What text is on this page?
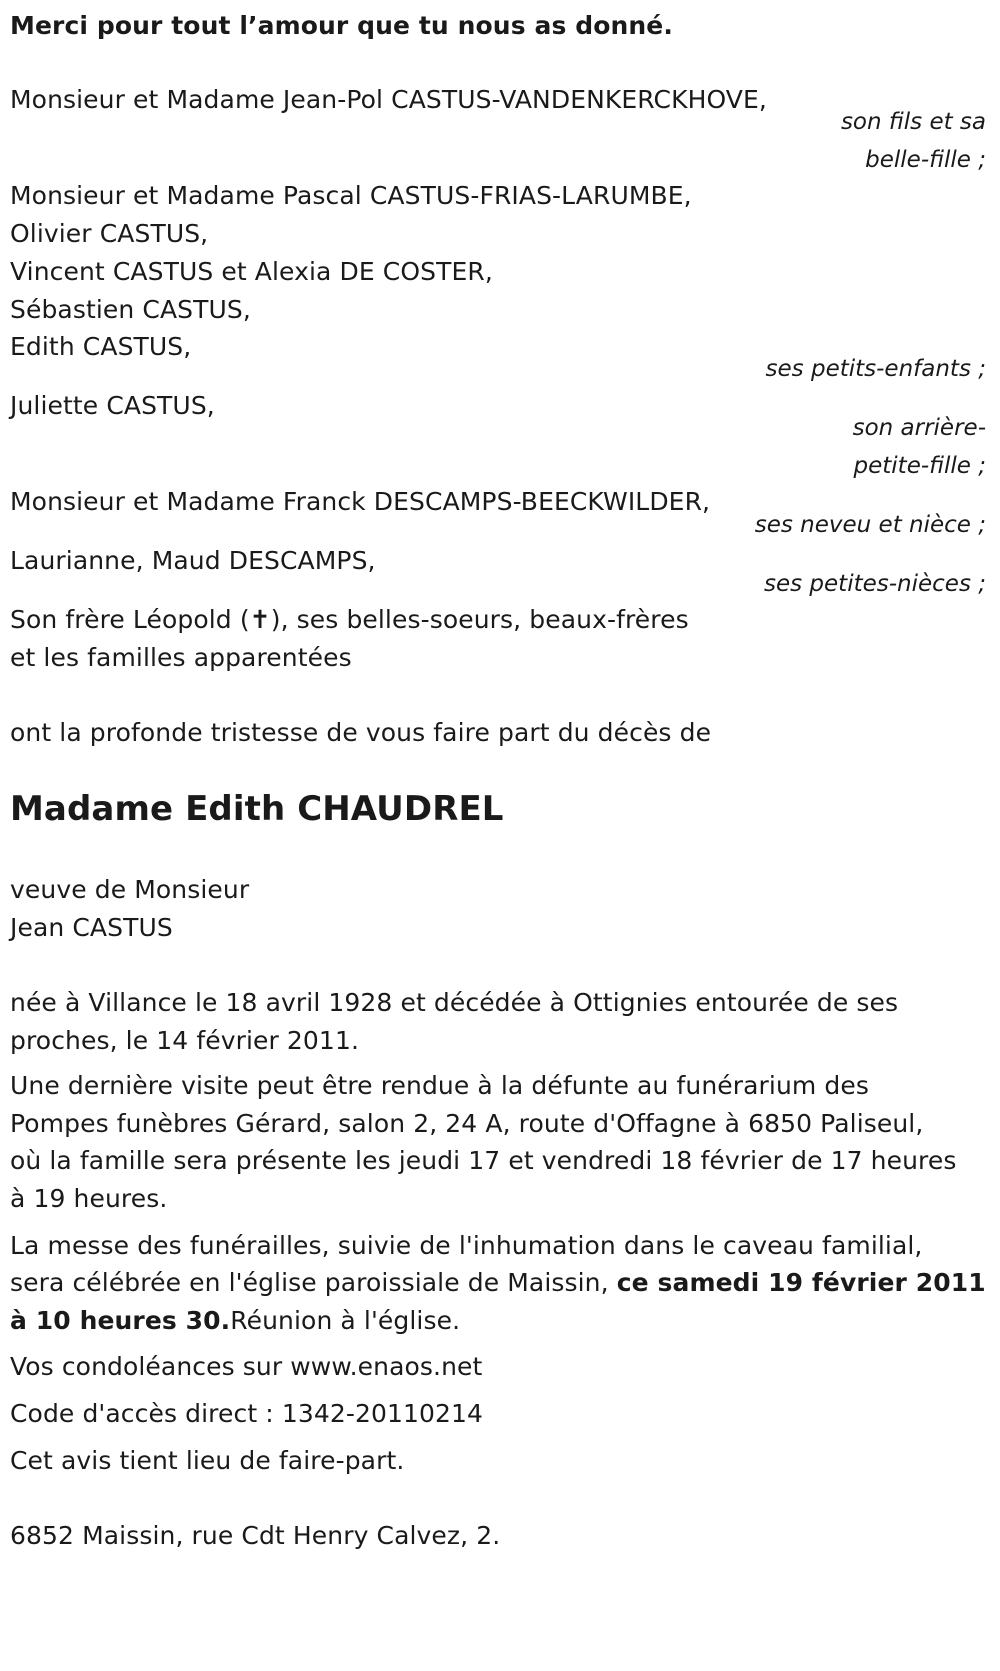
Merci pour tout l’amour que tu nous as donné.

Monsieur et Madame Jean-Pol CASTUS-VANDENKERCKHOVE,

son fils et sa

belle-fille ;

Monsieur et Madame Pascal CASTUS-FRIAS-LARUMBE,

Olivier CASTUS,

Vincent CASTUS et Alexia DE COSTER,

Sébastien CASTUS,

Edith CASTUS,

ses petits-enfants ;

Juliette CASTUS,

son arrière-

petite-fille ;

Monsieur et Madame Franck DESCAMPS-BEECKWILDER,

ses neveu et nièce ;

Laurianne, Maud DESCAMPS,

ses petites-nièces ;

Son frère Léopold (✝), ses belles-soeurs, beaux-frères

et les familles apparentées

ont la profonde tristesse de vous faire part du décès de

Madame Edith CHAUDREL

veuve de Monsieur

Jean CASTUS

née à Villance le 18 avril 1928 et décédée à Ottignies entourée de ses

proches, le 14 février 2011.

Une dernière visite peut être rendue à la défunte au funérarium des

Pompes funèbres Gérard, salon 2, 24 A, route d'Offagne à 6850 Paliseul,

où la famille sera présente les jeudi 17 et vendredi 18 février de 17 heures

à 19 heures.

La messe des funérailles, suivie de l'inhumation dans le caveau familial,

sera célébrée en l'église paroissiale de Maissin, ce samedi 19 février 2011

à 10 heures 30.Réunion à l'église.

Vos condoléances sur www.enaos.net

Code d'accès direct : 1342-20110214

Cet avis tient lieu de faire-part.

6852 Maissin, rue Cdt Henry Calvez, 2.
